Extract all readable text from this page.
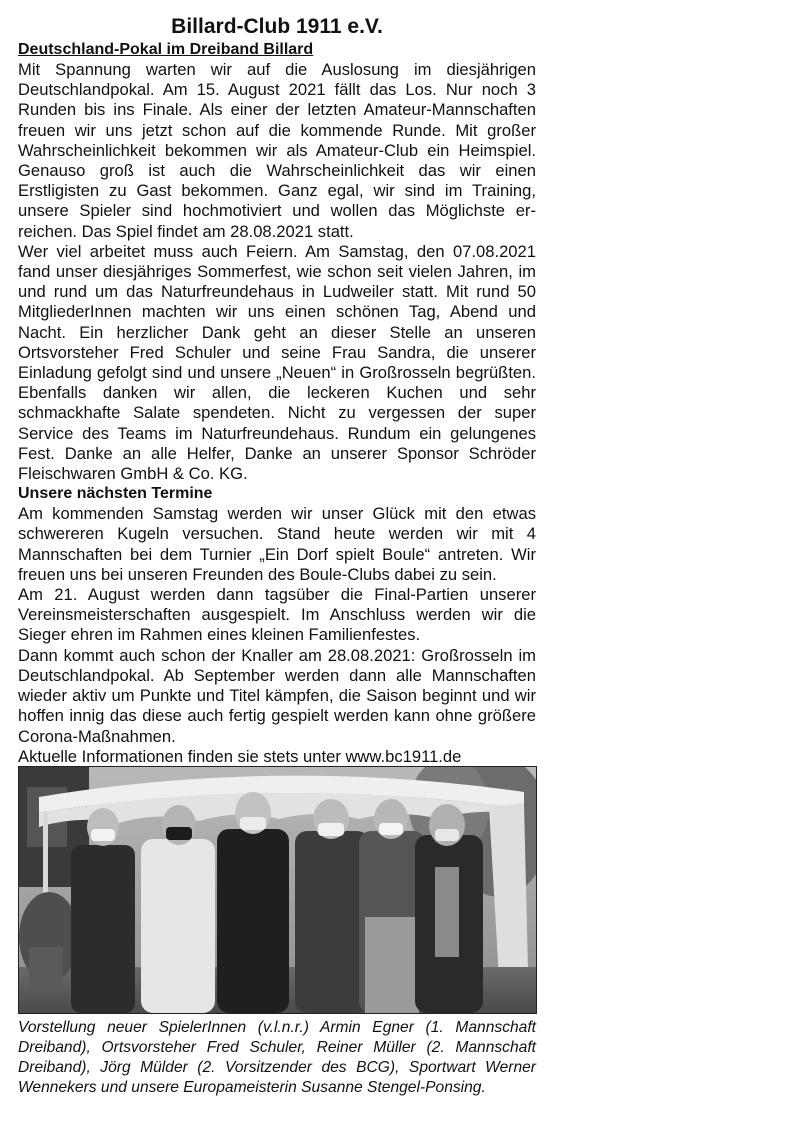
Billard-Club 1911 e.V.
Deutschland-Pokal im Dreiband Billard

Mit Spannung warten wir auf die Auslosung im diesjährigen Deutschlandpokal. Am 15. August 2021 fällt das Los. Nur noch 3 Runden bis ins Finale. Als einer der letzten Amateur-Mannschaften freuen wir uns jetzt schon auf die kommende Runde. Mit großer Wahrscheinlichkeit bekommen wir als Amateur-Club ein Heimspiel. Genauso groß ist auch die Wahrscheinlichkeit das wir einen Erstligisten zu Gast bekommen. Ganz egal, wir sind im Training, unsere Spieler sind hochmotiviert und wollen das Möglichste erreichen. Das Spiel findet am 28.08.2021 statt.

Wer viel arbeitet muss auch Feiern. Am Samstag, den 07.08.2021 fand unser diesjähriges Sommerfest, wie schon seit vielen Jahren, im und rund um das Naturfreundehaus in Ludweiler statt. Mit rund 50 MitgliederInnen machten wir uns einen schönen Tag, Abend und Nacht. Ein herzlicher Dank geht an dieser Stelle an unseren Ortsvorsteher Fred Schuler und seine Frau Sandra, die unserer Einladung gefolgt sind und unsere „Neuen“ in Großrosseln begrüßten. Ebenfalls danken wir allen, die leckeren Kuchen und sehr schmackhafte Salate spendeten. Nicht zu vergessen der super Service des Teams im Naturfreundehaus. Rundum ein gelungenes Fest. Danke an alle Helfer, Danke an unserer Sponsor Schröder Fleischwaren GmbH & Co. KG.

Unsere nächsten Termine

Am kommenden Samstag werden wir unser Glück mit den etwas schwereren Kugeln versuchen. Stand heute werden wir mit 4 Mannschaften bei dem Turnier „Ein Dorf spielt Boule“ antreten. Wir freuen uns bei unseren Freunden des Boule-Clubs dabei zu sein.

Am 21. August werden dann tagsüber die Final-Partien unserer Vereinsmeisterschaften ausgespielt. Im Anschluss werden wir die Sieger ehren im Rahmen eines kleinen Familienfestes.

Dann kommt auch schon der Knaller am 28.08.2021: Großrosseln im Deutschlandpokal. Ab September werden dann alle Mannschaften wieder aktiv um Punkte und Titel kämpfen, die Saison beginnt und wir hoffen innig das diese auch fertig gespielt werden kann ohne größere Corona-Maßnahmen.

Aktuelle Informationen finden sie stets unter www.bc1911.de

Vorstellung neuer SpielerInnen (v.l.n.r.) Armin Egner (1. Mannschaft Dreiband), Ortsvorsteher Fred Schuler, Reiner Müller (2. Mannschaft Dreiband), Jörg Mülder (2. Vorsitzender des BCG), Sportwart Werner Wennekers und unsere Europameisterin Susanne Stengel-Ponsing.
